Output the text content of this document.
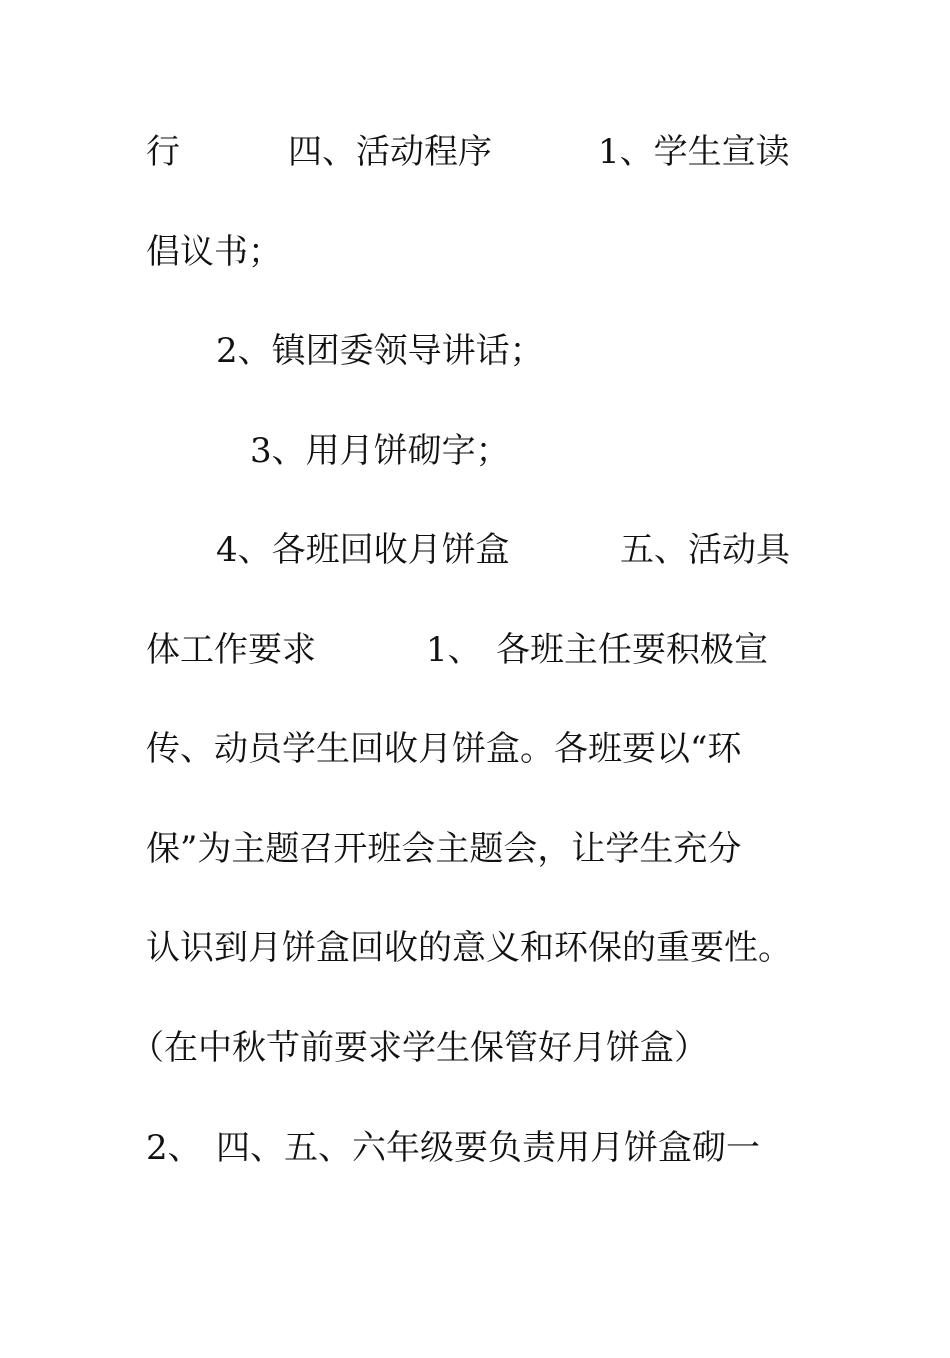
行

	四、活动程序

	1、学生宣读

倡议书；

2、镇团委领导讲话；

3、用月饼砌字；

4、各班回收月饼盒

	五、活动具

体工作要求

	1、

各班主任要积极宣

传、动员学生回收月饼盒。各班要以“环

保”为主题召开班会主题会，让学生充分

认识到月饼盒回收的意义和环保的重要性。

（在中秋节前要求学生保管好月饼盒）

2、

四、五、六年级要负责用月饼盒砌一
